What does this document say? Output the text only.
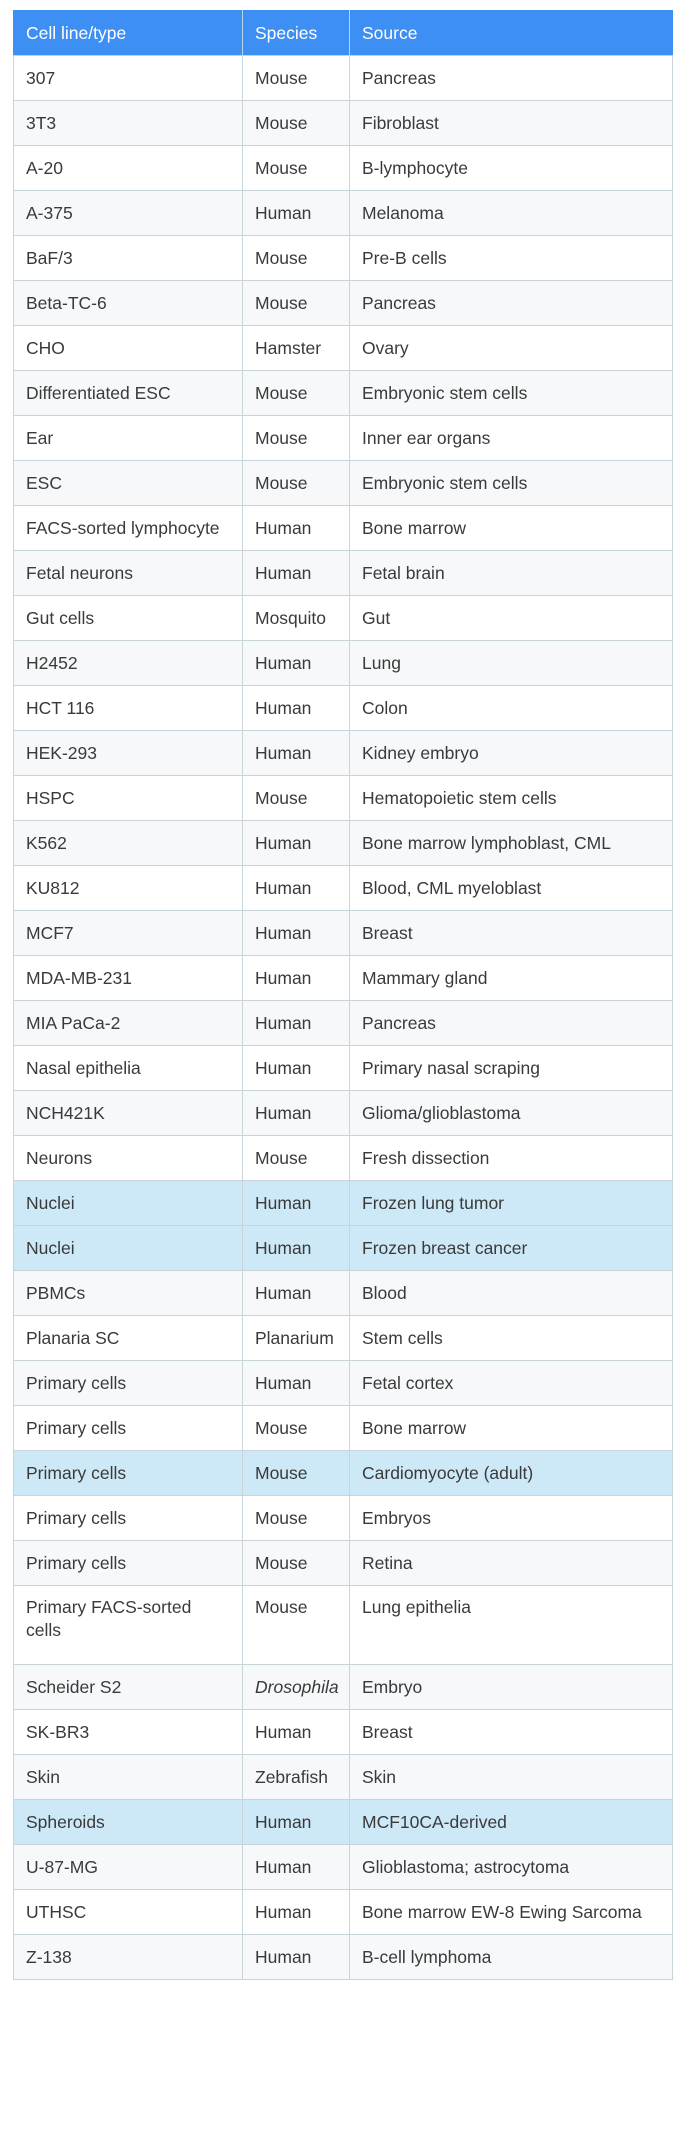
Cell line/type	Species	Source
307	Mouse	Pancreas
3T3	Mouse	Fibroblast
A-20	Mouse	B-lymphocyte
A-375	Human	Melanoma
BaF/3	Mouse	Pre-B cells
Beta-TC-6	Mouse	Pancreas
CHO	Hamster	Ovary
Differentiated ESC	Mouse	Embryonic stem cells
Ear	Mouse	Inner ear organs
ESC	Mouse	Embryonic stem cells
FACS-sorted lymphocyte	Human	Bone marrow
Fetal neurons	Human	Fetal brain
Gut cells	Mosquito	Gut
H2452	Human	Lung
HCT 116	Human	Colon
HEK-293	Human	Kidney embryo
HSPC	Mouse	Hematopoietic stem cells
K562	Human	Bone marrow lymphoblast, CML
KU812	Human	Blood, CML myeloblast
MCF7	Human	Breast
MDA-MB-231	Human	Mammary gland
MIA PaCa-2	Human	Pancreas
Nasal epithelia	Human	Primary nasal scraping
NCH421K	Human	Glioma/glioblastoma
Neurons	Mouse	Fresh dissection
Nuclei	Human	Frozen lung tumor
Nuclei	Human	Frozen breast cancer
PBMCs	Human	Blood
Planaria SC	Planarium	Stem cells
Primary cells	Human	Fetal cortex
Primary cells	Mouse	Bone marrow
Primary cells	Mouse	Cardiomyocyte (adult)
Primary cells	Mouse	Embryos
Primary cells	Mouse	Retina
Primary FACS-sorted cells	Mouse	Lung epithelia
Scheider S2	Drosophila	Embryo
SK-BR3	Human	Breast
Skin	Zebrafish	Skin
Spheroids	Human	MCF10CA-derived
U-87-MG	Human	Glioblastoma; astrocytoma
UTHSC	Human	Bone marrow EW-8 Ewing Sarcoma
Z-138	Human	B-cell lymphoma
